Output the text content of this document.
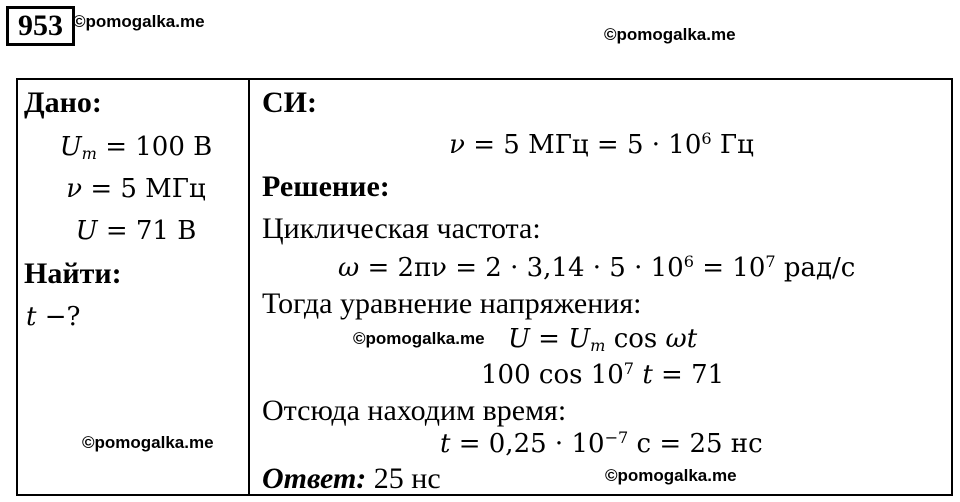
953 ©pomogalka.me
©pomogalka.me
Дано:
$U_m = 100$ В
ν = 5 МГц
U = 71 В
Найти:
t −?
©pomogalka.me
СИ:
ν = 5 МГц = $5 \cdot 10^6$ Гц
Решение:
Циклическая частота:
$\omega = 2\pi\nu = 2 \cdot 3,14 \cdot 5 \cdot 10^6 = 10^7$ рад/с
Тогда уравнение напряжения:
©pomogalka.me $U = U_m$ cos ωt
100 $\cos 10^7$ t = 71
Отсюда находим время:
$t = 0,25 \cdot 10^{-7}$ с = 25 нс
Ответ: 25 нс	©pomogalka.me
